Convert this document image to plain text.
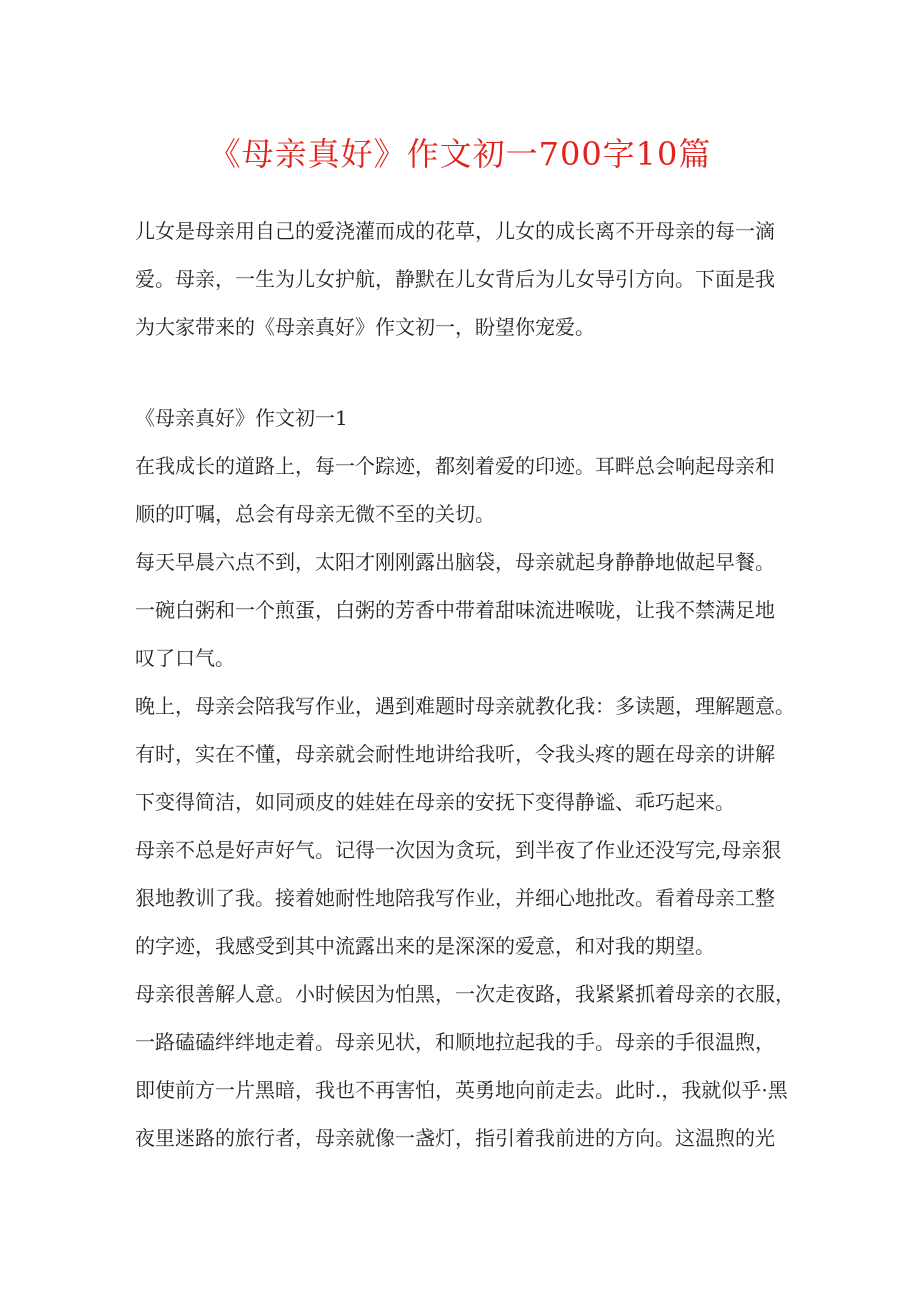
《母亲真好》作文初一700字10篇
儿女是母亲用自己的爱浇灌而成的花草，儿女的成长离不开母亲的每一滴
爱。母亲，一生为儿女护航，静默在儿女背后为儿女导引方向。下面是我
为大家带来的《母亲真好》作文初一，盼望你宠爱。
《母亲真好》作文初一1
在我成长的道路上，每一个踪迹，都刻着爱的印迹。耳畔总会响起母亲和
顺的叮嘱，总会有母亲无微不至的关切。
每天早晨六点不到，太阳才刚刚露出脑袋，母亲就起身静静地做起早餐。
一碗白粥和一个煎蛋，白粥的芳香中带着甜味流进喉咙，让我不禁满足地
叹了口气。
晚上，母亲会陪我写作业，遇到难题时母亲就教化我：多读题，理解题意。
有时，实在不懂，母亲就会耐性地讲给我听，令我头疼的题在母亲的讲解
下变得简洁，如同顽皮的娃娃在母亲的安抚下变得静谧、乖巧起来。
母亲不总是好声好气。记得一次因为贪玩，到半夜了作业还没写完,母亲狠
狠地教训了我。接着她耐性地陪我写作业，并细心地批改。看着母亲工整
的字迹，我感受到其中流露出来的是深深的爱意，和对我的期望。
母亲很善解人意。小时候因为怕黑，一次走夜路，我紧紧抓着母亲的衣服，
一路磕磕绊绊地走着。母亲见状，和顺地拉起我的手。母亲的手很温煦，
即使前方一片黑暗，我也不再害怕，英勇地向前走去。此时.，我就似乎·黑
夜里迷路的旅行者，母亲就像一盏灯，指引着我前进的方向。这温煦的光
